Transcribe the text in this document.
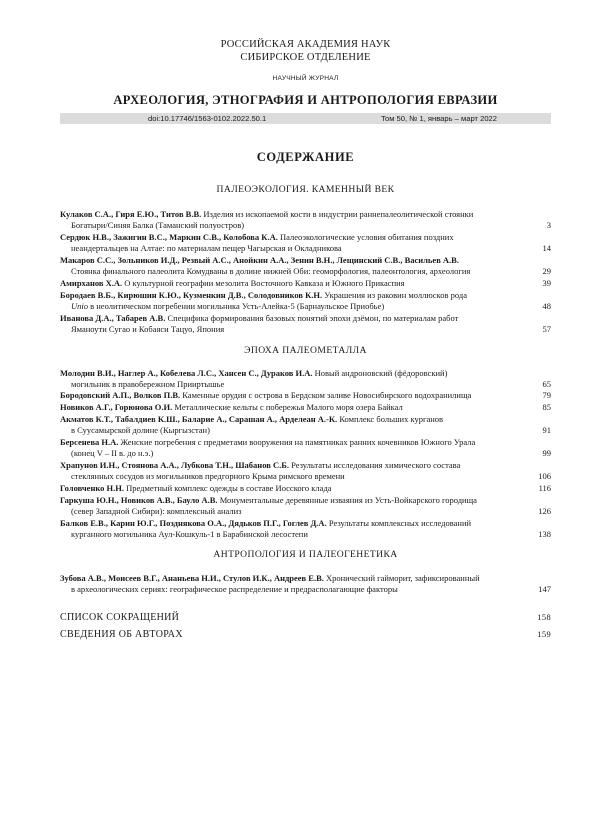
РОССИЙСКАЯ АКАДЕМИЯ НАУК
СИБИРСКОЕ ОТДЕЛЕНИЕ
НАУЧНЫЙ ЖУРНАЛ
АРХЕОЛОГИЯ, ЭТНОГРАФИЯ И АНТРОПОЛОГИЯ ЕВРАЗИИ
doi:10.17746/1563-0102.2022.50.1	Том 50, № 1, январь – март 2022
СОДЕРЖАНИЕ
ПАЛЕОЭКОЛОГИЯ. КАМЕННЫЙ ВЕК
Кулаков С.А., Гиря Е.Ю., Титов В.В. Изделия из ископаемой кости в индустрии раннепалеолитической стоянки
Богатыри/Синяя Балка (Таманский полуостров)	3
Сердюк Н.В., Зажигин В.С., Маркин С.В., Колобова К.А. Палеоэкологические условия обитания поздних
неандертальцев на Алтае: по материалам пещер Чагырская и Окладникова	14
Макаров С.С., Зольников И.Д., Резвый А.С., Анойкин А.А., Зенин В.Н., Лещинский С.В., Васильев А.В.
Стоянка финального палеолита Комудваны в долине нижней Оби: геоморфология, палеонтология, археология	29
Амирханов Х.А. О культурной географии мезолита Восточного Кавказа и Южного Прикаспия	39
Бородаев В.Б., Кирюшин К.Ю., Кузменкин Д.В., Солодовников К.Н. Украшения из раковин моллюсков рода
Unio в неолитическом погребении могильника Усть-Алейка-5 (Барнаульское Приобье)	48
Иванова Д.А., Табарев А.В. Специфика формирования базовых понятий эпохи дзёмон, по материалам работ
Яманоути Сугао и Кобаяси Тацуо, Япония	57
ЭПОХА ПАЛЕОМЕТАЛЛА
Молодин В.И., Наглер А., Кобелева Л.С., Хансен С., Дураков И.А. Новый андроновский (фёдоровский)
могильник в правобережном Прииртышье	65
Бородовский А.П., Волков П.В. Каменные орудия с острова в Бердском заливе Новосибирского водохранилища	79
Новиков А.Г., Горюнова О.И. Металлические кельты с побережья Малого моря озера Байкал	85
Акматов К.Т., Табалдиев К.Ш., Баларие А., Сарашан А., Арделеан А.-К. Комплекс больших курганов
в Суусамырской долине (Кыргызстан)	91
Берсенева Н.А. Женские погребения с предметами вооружения на памятниках ранних кочевников Южного Урала
(конец V – II в. до н.э.)	99
Храпунов И.Н., Стоянова А.А., Лубкова Т.Н., Шабанов С.Б. Результаты исследования химического состава
стеклянных сосудов из могильников предгорного Крыма римского времени	106
Головченко Н.Н. Предметный комплекс одежды в составе Иосского клада	116
Гаркуша Ю.Н., Новиков А.В., Бауло А.В. Монументальные деревянные изваяния из Усть-Войкарского городища
(север Западной Сибири): комплексный анализ	126
Балков Е.В., Карин Ю.Г., Позднякова О.А., Дядьков П.Г., Гоглев Д.А. Результаты комплексных исследований
курганного могильника Аул-Кошкуль-1 в Барабинской лесостепи	138
АНТРОПОЛОГИЯ И ПАЛЕОГЕНЕТИКА
Зубова А.В., Моисеев В.Г., Ананьева Н.И., Стулов И.К., Андреев Е.В. Хронический гайморит, зафиксированный
в археологических сериях: географическое распределение и предрасполагающие факторы	147
СПИСОК СОКРАЩЕНИЙ	158
СВЕДЕНИЯ ОБ АВТОРАХ	159
